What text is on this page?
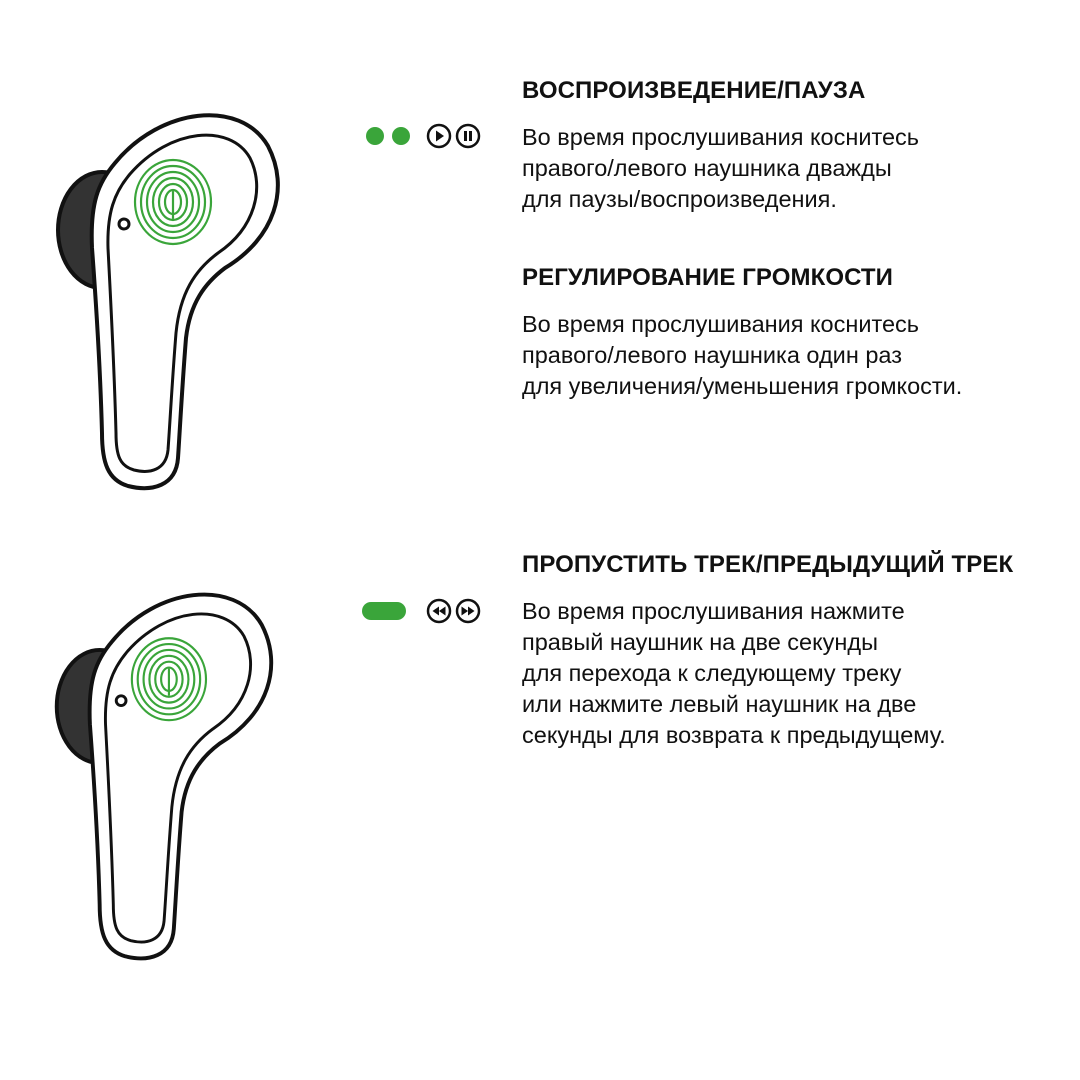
ВОСПРОИЗВЕДЕНИЕ/ПАУЗА
Во время прослушивания коснитесь
правого/левого наушника дважды
для паузы/воспроизведения.
РЕГУЛИРОВАНИЕ ГРОМКОСТИ
Во время прослушивания коснитесь
правого/левого наушника один раз
для увеличения/уменьшения громкости.
ПРОПУСТИТЬ ТРЕК/ПРЕДЫДУЩИЙ ТРЕК
Во время прослушивания нажмите
правый наушник на две секунды
для перехода к следующему треку
или нажмите левый наушник на две
секунды для возврата к предыдущему.
